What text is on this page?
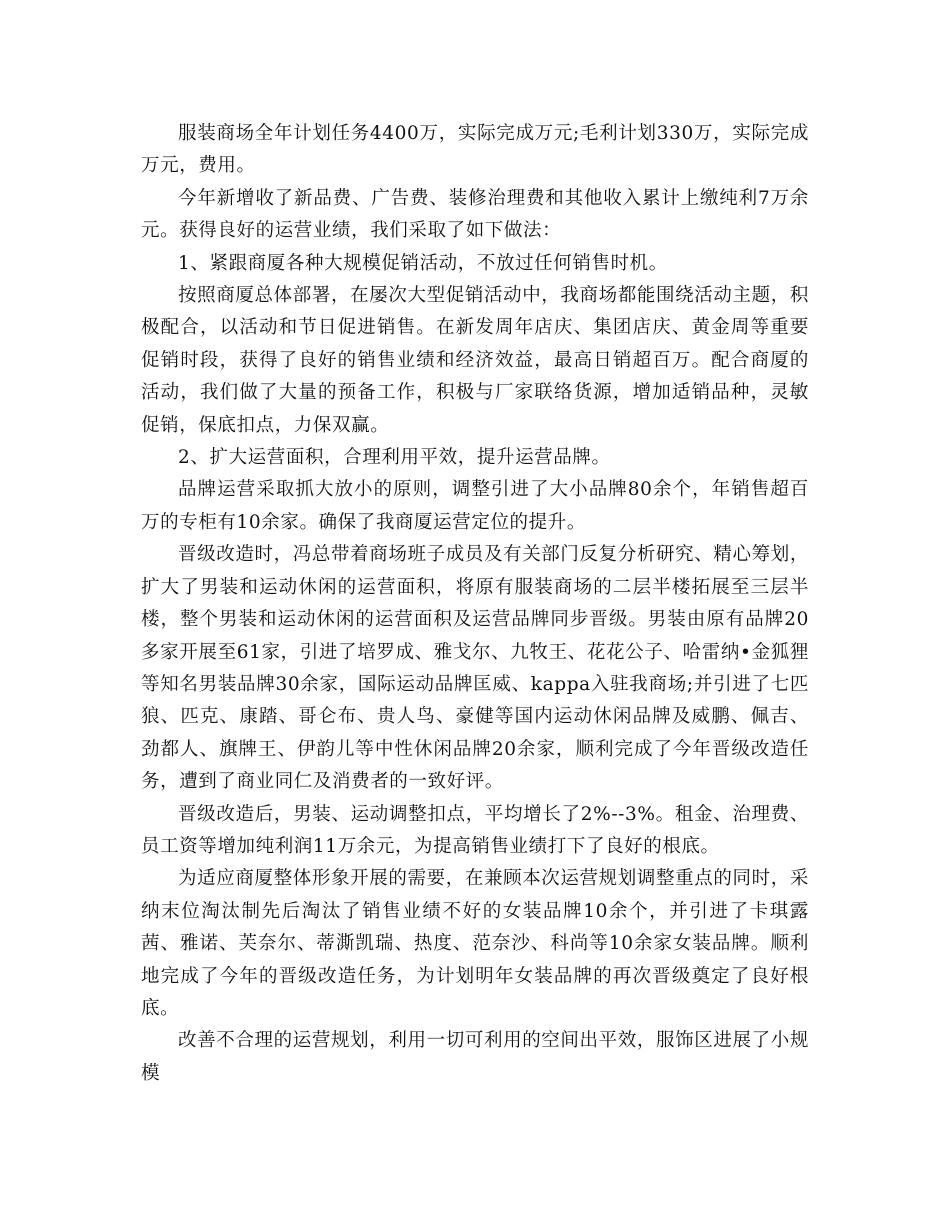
服装商场全年计划任务4400万，实际完成万元;毛利计划330万，实际完成万元，费用。

今年新增收了新品费、广告费、装修治理费和其他收入累计上缴纯利7万余元。获得良好的运营业绩，我们采取了如下做法：

1、紧跟商厦各种大规模促销活动，不放过任何销售时机。

按照商厦总体部署，在屡次大型促销活动中，我商场都能围绕活动主题，积极配合，以活动和节日促进销售。在新发周年店庆、集团店庆、黄金周等重要促销时段，获得了良好的销售业绩和经济效益，最高日销超百万。配合商厦的活动，我们做了大量的预备工作，积极与厂家联络货源，增加适销品种，灵敏促销，保底扣点，力保双赢。

2、扩大运营面积，合理利用平效，提升运营品牌。

品牌运营采取抓大放小的原则，调整引进了大小品牌80余个，年销售超百万的专柜有10余家。确保了我商厦运营定位的提升。

晋级改造时，冯总带着商场班子成员及有关部门反复分析研究、精心筹划，扩大了男装和运动休闲的运营面积，将原有服装商场的二层半楼拓展至三层半楼，整个男装和运动休闲的运营面积及运营品牌同步晋级。男装由原有品牌20多家开展至61家，引进了培罗成、雅戈尔、九牧王、花花公子、哈雷纳•金狐狸等知名男装品牌30余家，国际运动品牌匡威、kappa入驻我商场;并引进了七匹狼、匹克、康踏、哥仑布、贵人鸟、豪健等国内运动休闲品牌及威鹏、佩吉、劲都人、旗牌王、伊韵儿等中性休闲品牌20余家，顺利完成了今年晋级改造任务，遭到了商业同仁及消费者的一致好评。

晋级改造后，男装、运动调整扣点，平均增长了2%--3%。租金、治理费、员工资等增加纯利润11万余元，为提高销售业绩打下了良好的根底。

为适应商厦整体形象开展的需要，在兼顾本次运营规划调整重点的同时，采纳末位淘汰制先后淘汰了销售业绩不好的女装品牌10余个，并引进了卡琪露茜、雅诺、芙奈尔、蒂澌凯瑞、热度、范奈沙、科尚等10余家女装品牌。顺利地完成了今年的晋级改造任务，为计划明年女装品牌的再次晋级奠定了良好根底。

改善不合理的运营规划，利用一切可利用的空间出平效，服饰区进展了小规模
